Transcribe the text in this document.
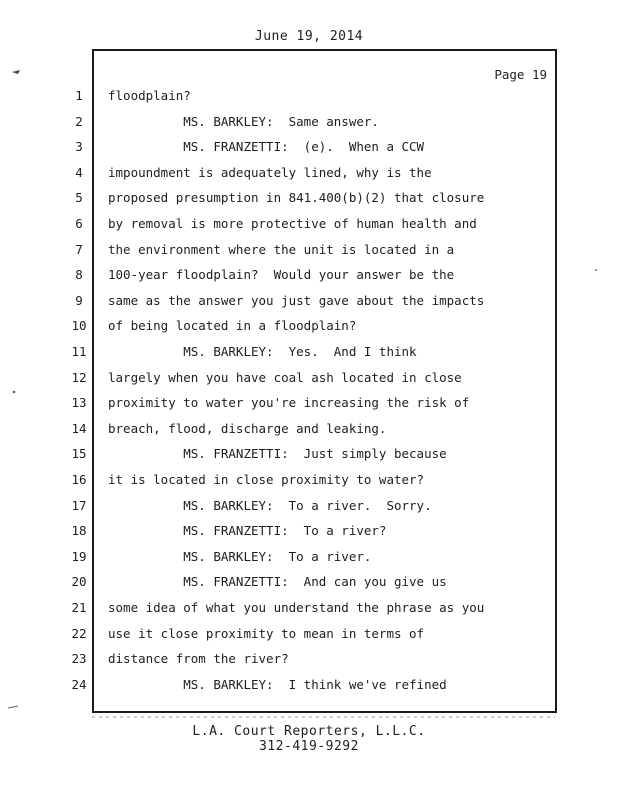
June 19, 2014
Page 19
1	floodplain?
2	MS. BARKLEY:  Same answer.
3	MS. FRANZETTI:  (e).  When a CCW
4	impoundment is adequately lined, why is the
5	proposed presumption in 841.400(b)(2) that closure
6	by removal is more protective of human health and
7	the environment where the unit is located in a
8	100-year floodplain?  Would your answer be the
9	same as the answer you just gave about the impacts
10	of being located in a floodplain?
11	MS. BARKLEY:  Yes.  And I think
12	largely when you have coal ash located in close
13	proximity to water you're increasing the risk of
14	breach, flood, discharge and leaking.
15	MS. FRANZETTI:  Just simply because
16	it is located in close proximity to water?
17	MS. BARKLEY:  To a river.  Sorry.
18	MS. FRANZETTI:  To a river?
19	MS. BARKLEY:  To a river.
20	MS. FRANZETTI:  And can you give us
21	some idea of what you understand the phrase as you
22	use it close proximity to mean in terms of
23	distance from the river?
24	MS. BARKLEY:  I think we've refined
L.A. Court Reporters, L.L.C.
312-419-9292
